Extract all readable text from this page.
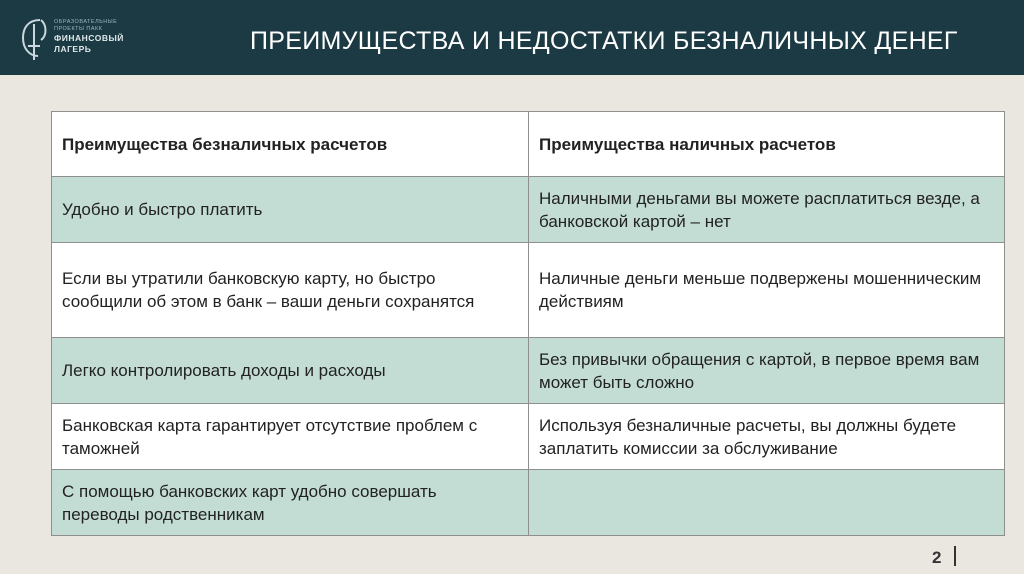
ОБРАЗОВАТЕЛЬНЫЕ
ПРОЕКТЫ ПАКК
ФИНАНСОВЫЙ
ЛАГЕРЬ	ПРЕИМУЩЕСТВА И НЕДОСТАТКИ БЕЗНАЛИЧНЫХ ДЕНЕГ
Преимущества безналичных расчетов	Преимущества наличных расчетов
Удобно и быстро платить	Наличными деньгами вы можете расплатиться везде, а банковской картой – нет
Если вы утратили банковскую карту, но быстро сообщили об этом в банк – ваши деньги сохранятся	Наличные деньги меньше подвержены мошенническим действиям
Легко контролировать доходы и расходы	Без привычки обращения с картой, в первое время вам может быть сложно
Банковская карта гарантирует отсутствие проблем с таможней	Используя безналичные расчеты, вы должны будете заплатить комиссии за обслуживание
С помощью банковских карт удобно совершать переводы родственникам	
2
